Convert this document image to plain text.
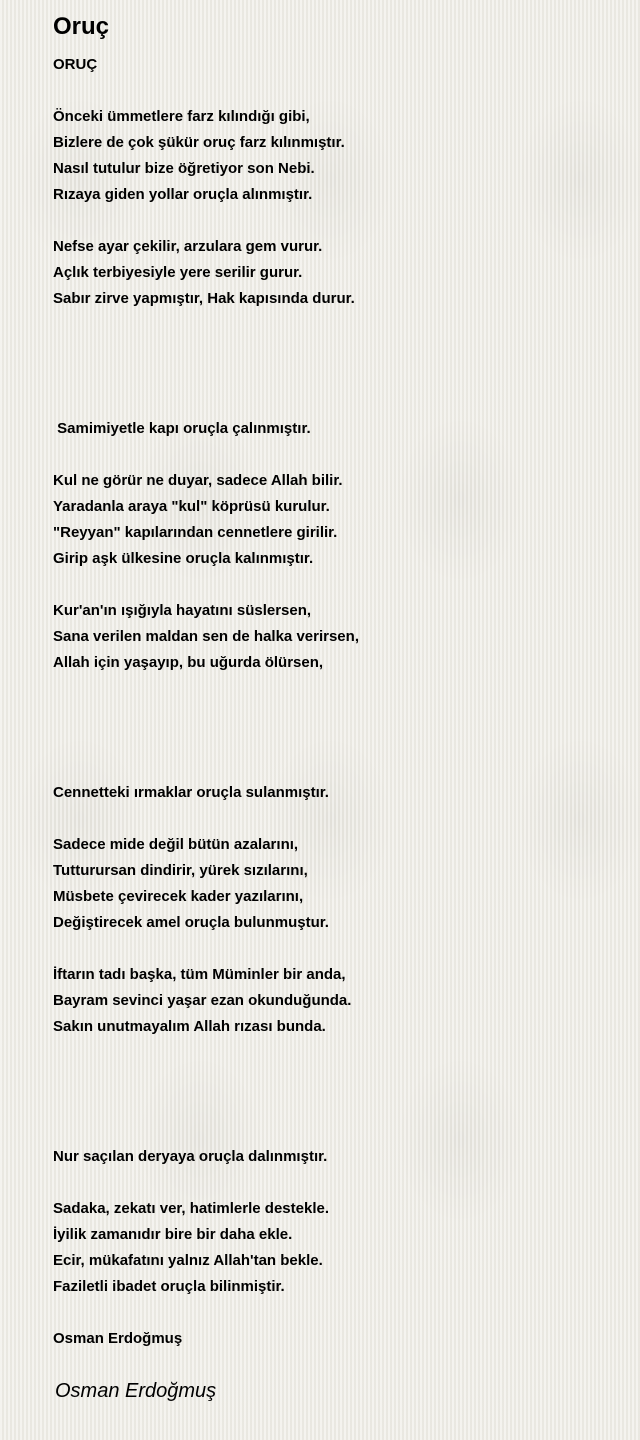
Oruç
ORUÇ
Önceki ümmetlere farz kılındığı gibi,
Bizlere de çok şükür oruç farz kılınmıştır.
Nasıl tutulur bize öğretiyor son Nebi.
Rızaya giden yollar oruçla alınmıştır.
Nefse ayar çekilir, arzulara gem vurur.
Açlık terbiyesiyle yere serilir gurur.
Sabır zirve yapmıştır, Hak kapısında durur.
Samimiyetle kapı oruçla çalınmıştır.
Kul ne görür ne duyar, sadece Allah bilir.
Yaradanla araya "kul" köprüsü kurulur.
"Reyyan" kapılarından cennetlere girilir.
Girip aşk ülkesine oruçla kalınmıştır.
Kur'an'ın ışığıyla hayatını süslersen,
Sana verilen maldan sen de halka verirsen,
Allah için yaşayıp, bu uğurda ölürsen,
Cennetteki ırmaklar oruçla sulanmıştır.
Sadece mide değil bütün azalarını,
Tutturursan dindirir, yürek sızılarını,
Müsbete çevirecek kader yazılarını,
Değiştirecek amel oruçla bulunmuştur.
İftarın tadı başka, tüm Müminler bir anda,
Bayram sevinci yaşar ezan okunduğunda.
Sakın unutmayalım Allah rızası bunda.
Nur saçılan deryaya oruçla dalınmıştır.
Sadaka, zekatı ver, hatimlerle destekle.
İyilik zamanıdır bire bir daha ekle.
Ecir, mükafatını yalnız Allah'tan bekle.
Faziletli ibadet oruçla bilinmiştir.
Osman Erdoğmuş
Osman Erdoğmuş
